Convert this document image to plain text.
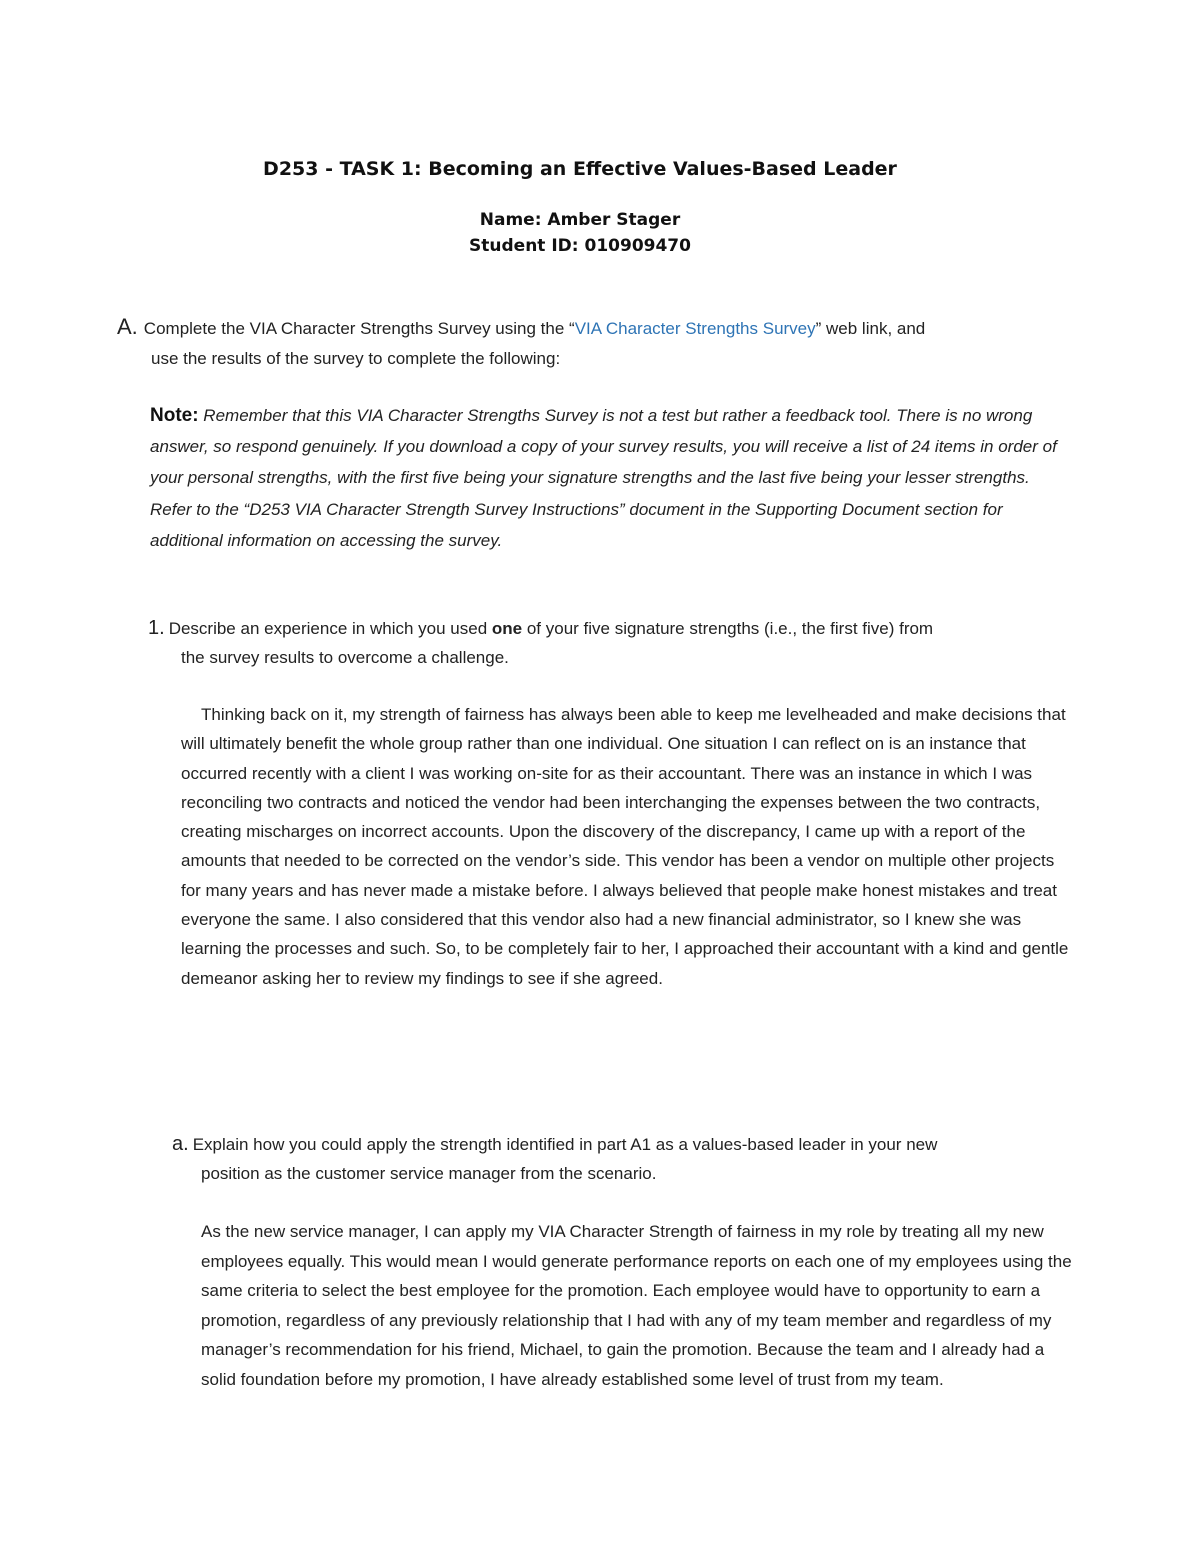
D253 - TASK 1: Becoming an Effective Values-Based Leader
Name: Amber Stager
Student ID: 010909470
A. Complete the VIA Character Strengths Survey using the “VIA Character Strengths Survey” web link, and
use the results of the survey to complete the following:
Note: Remember that this VIA Character Strengths Survey is not a test but rather a feedback tool. There is no wrong answer, so respond genuinely. If you download a copy of your survey results, you will receive a list of 24 items in order of your personal strengths, with the first five being your signature strengths and the last five being your lesser strengths. Refer to the “D253 VIA Character Strength Survey Instructions” document in the Supporting Document section for additional information on accessing the survey.
1. Describe an experience in which you used one of your five signature strengths (i.e., the first five) from
the survey results to overcome a challenge.
Thinking back on it, my strength of fairness has always been able to keep me levelheaded and make decisions that will ultimately benefit the whole group rather than one individual. One situation I can reflect on is an instance that occurred recently with a client I was working on-site for as their accountant. There was an instance in which I was reconciling two contracts and noticed the vendor had been interchanging the expenses between the two contracts, creating mischarges on incorrect accounts. Upon the discovery of the discrepancy, I came up with a report of the amounts that needed to be corrected on the vendor’s side. This vendor has been a vendor on multiple other projects for many years and has never made a mistake before. I always believed that people make honest mistakes and treat everyone the same. I also considered that this vendor also had a new financial administrator, so I knew she was learning the processes and such. So, to be completely fair to her, I approached their accountant with a kind and gentle demeanor asking her to review my findings to see if she agreed.
a. Explain how you could apply the strength identified in part A1 as a values-based leader in your new
position as the customer service manager from the scenario.
As the new service manager, I can apply my VIA Character Strength of fairness in my role by treating all my new employees equally. This would mean I would generate performance reports on each one of my employees using the same criteria to select the best employee for the promotion. Each employee would have to opportunity to earn a promotion, regardless of any previously relationship that I had with any of my team member and regardless of my manager’s recommendation for his friend, Michael, to gain the promotion. Because the team and I already had a solid foundation before my promotion, I have already established some level of trust from my team.
